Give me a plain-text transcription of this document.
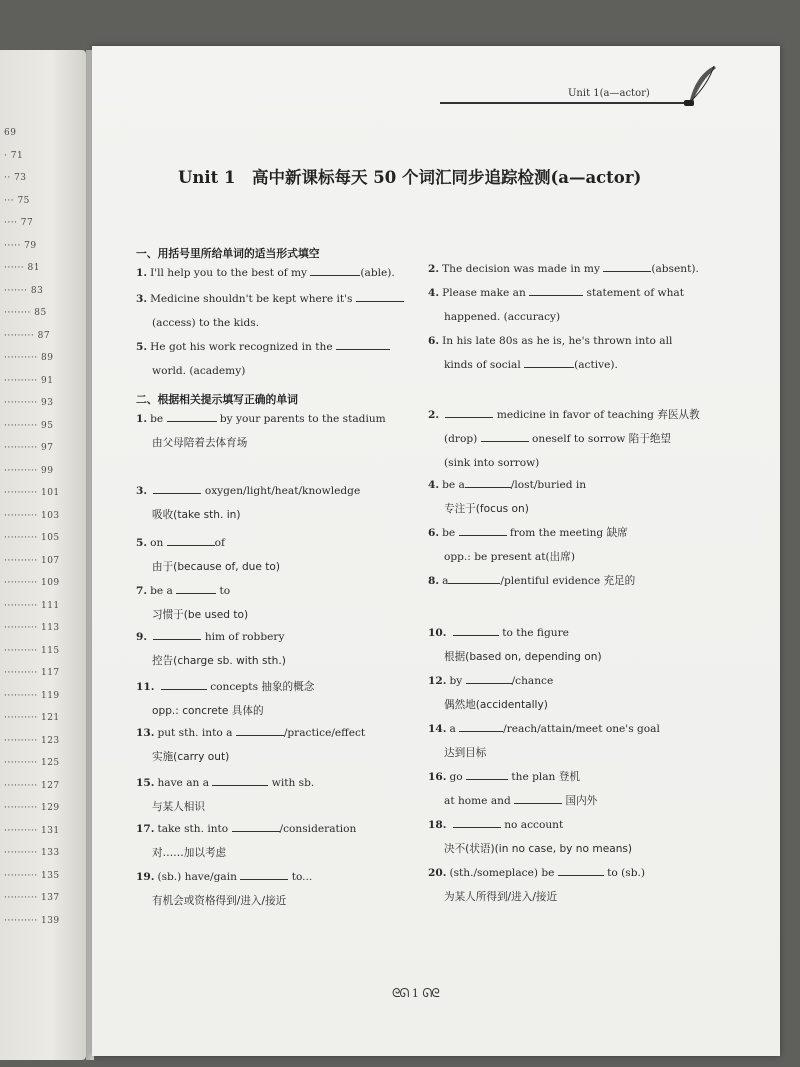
69
· 71
·· 73
··· 75
···· 77
····· 79
······ 81
······· 83
········ 85
········· 87
·········· 89
·········· 91
·········· 93
·········· 95
·········· 97
·········· 99
·········· 101
·········· 103
·········· 105
·········· 107
·········· 109
·········· 111
·········· 113
·········· 115
·········· 117
·········· 119
·········· 121
·········· 123
·········· 125
·········· 127
·········· 129
·········· 131
·········· 133
·········· 135
·········· 137
·········· 139
Unit 1(a—actor)
Unit 1　高中新课标每天 50 个词汇同步追踪检测(a—actor)
一、用括号里所给单词的适当形式填空
1. I'll help you to the best of my	(able).	2. The decision was made in my	(absent).
3. Medicine shouldn't be kept where it's
(access) to the kids.
4. Please make an	statement of what
happened. (accuracy)
5. He got his work recognized in the
world. (academy)
6. In his late 80s as he is, he's thrown into all
kinds of social	(active).
二、根据相关提示填写正确的单词
1. be	by your parents to the stadium
由父母陪着去体育场
3.	oxygen/light/heat/knowledge
吸收(take sth. in)
5. on	of
由于(because of, due to)
7. be a	to
习惯于(be used to)
9.	him of robbery
控告(charge sb. with sth.)
11.	concepts 抽象的概念
opp.: concrete 具体的
13. put sth. into a	/practice/effect
实施(carry out)
15. have an a	with sb.
与某人相识
17. take sth. into	/consideration
对……加以考虑
19. (sb.) have/gain	to...
有机会或资格得到/进入/接近
2.	medicine in favor of teaching 弃医从教
(drop)	oneself to sorrow 陷于绝望
(sink into sorrow)
4. be a	/lost/buried in
专注于(focus on)
6. be	from the meeting 缺席
opp.: be present at(出席)
8. a	/plentiful evidence 充足的
10.	to the figure
根据(based on, depending on)
12. by	/chance
偶然地(accidentally)
14. a	/reach/attain/meet one's goal
达到目标
16. go	the plan 登机
at home and	国内外
18.	no account
决不(状语)(in no case, by no means)
20. (sth./someplace) be	to (sb.)
为某人所得到/进入/接近
ᘓᘏ 1 ᘏᘓ
